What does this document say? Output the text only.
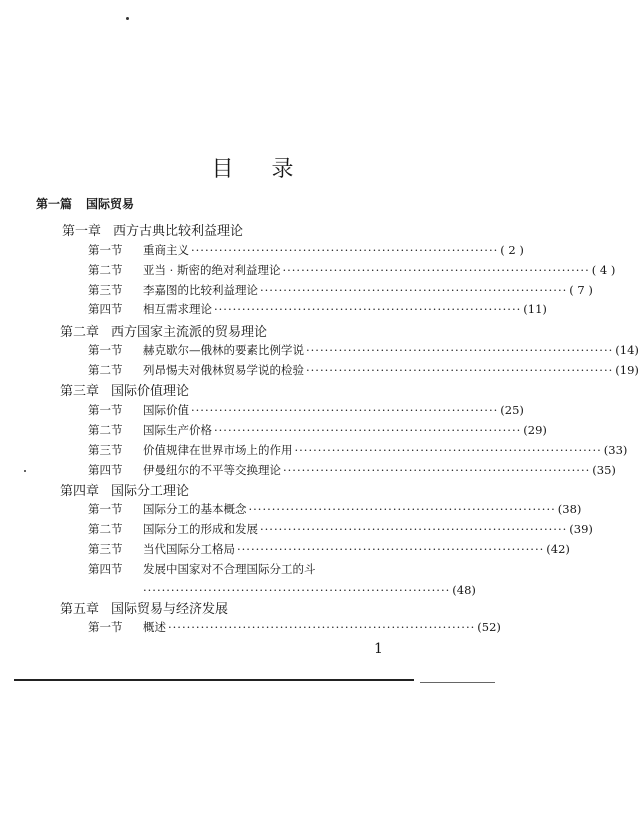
目 录
第一篇 国际贸易
第一章 西方古典比较利益理论
第一节	重商主义 ·································································· ( 2 )
第二节	亚当 · 斯密的绝对利益理论 ·································································· ( 4 )
第三节	李嘉图的比较利益理论 ·································································· ( 7 )
第四节	相互需求理论 ·································································· (11)
第二章 西方国家主流派的贸易理论
第一节	赫克歇尔—俄林的要素比例学说 ·································································· (14)
第二节	列昂惕夫对俄林贸易学说的检验 ·································································· (19)
第三章 国际价值理论
第一节	国际价值 ·································································· (25)
第二节	国际生产价格 ·································································· (29)
第三节	价值规律在世界市场上的作用 ·································································· (33)
第四节	伊曼纽尔的不平等交换理论 ·································································· (35)
第四章 国际分工理论
第一节	国际分工的基本概念 ·································································· (38)
第二节	国际分工的形成和发展 ·································································· (39)
第三节	当代国际分工格局 ·································································· (42)
第四节	发展中国家对不合理国际分工的斗
·································································· (48)
第五章 国际贸易与经济发展
第一节	概述 ·································································· (52)
1
